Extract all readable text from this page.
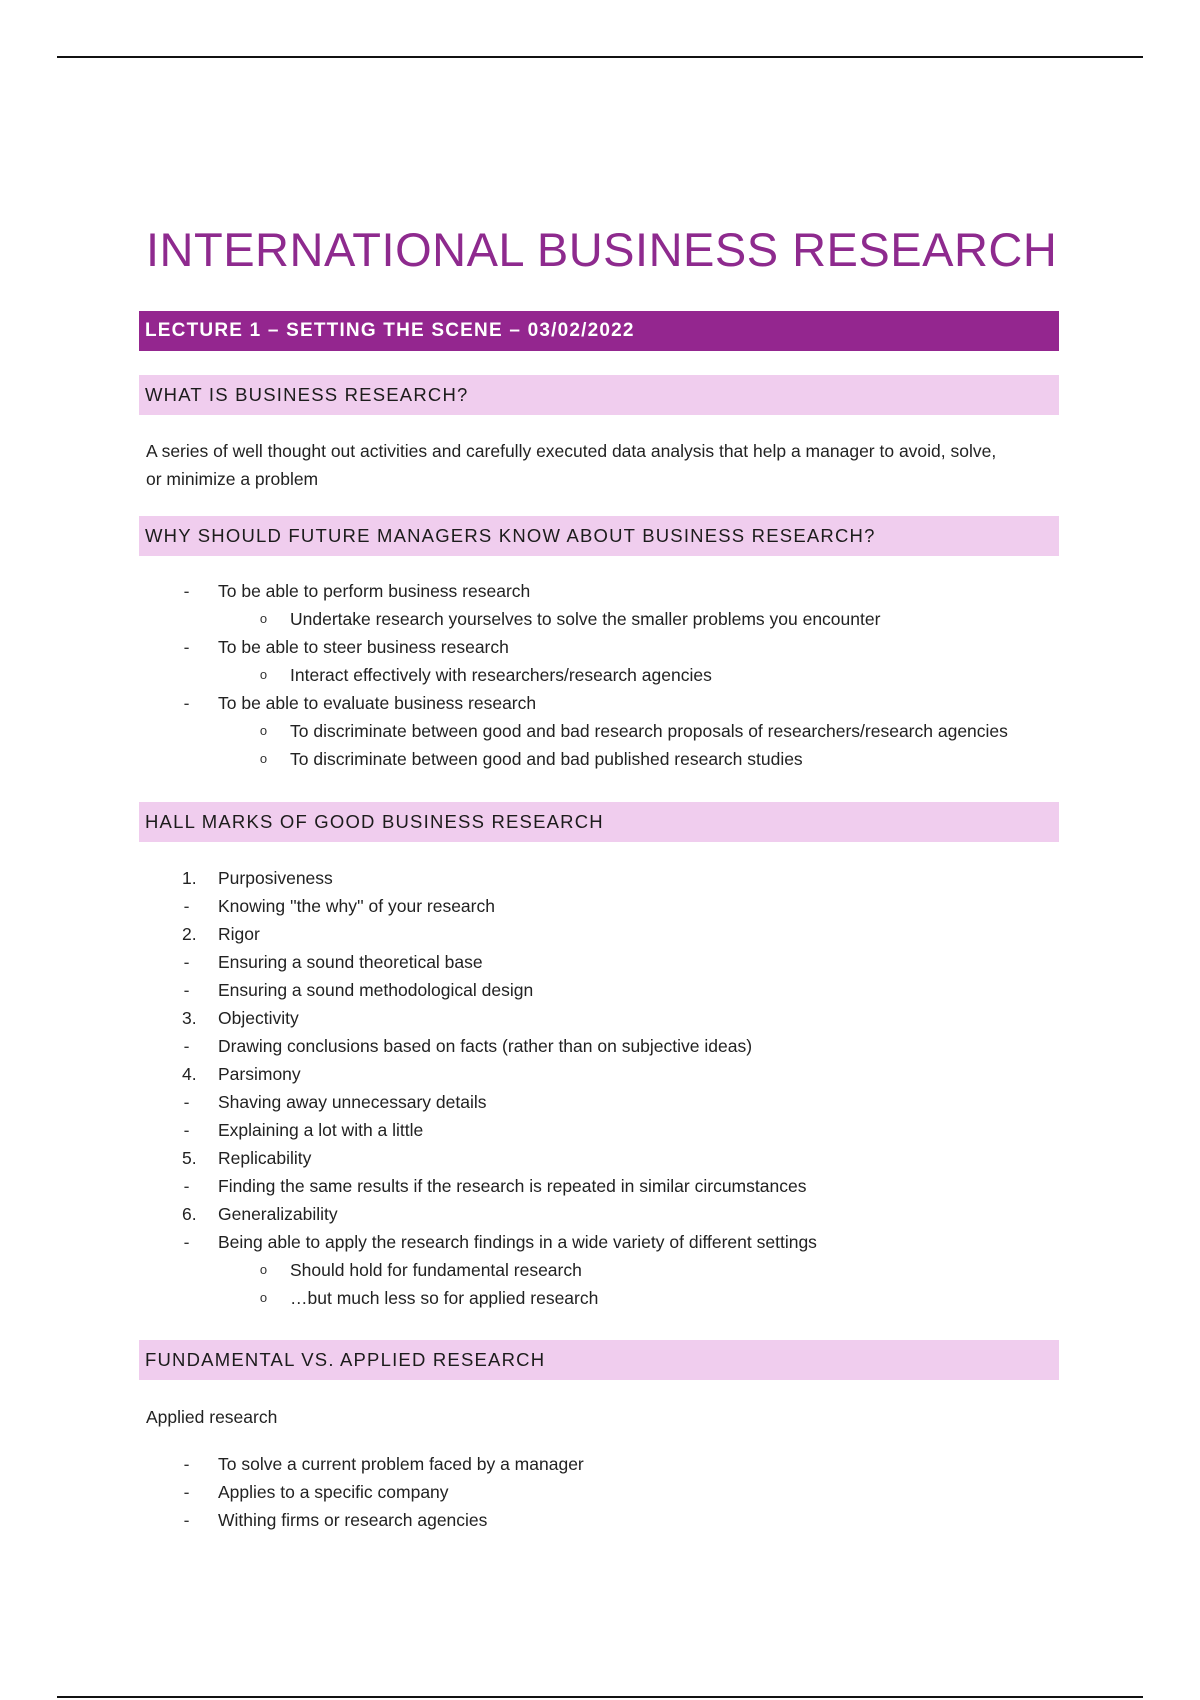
INTERNATIONAL BUSINESS RESEARCH
LECTURE 1 – SETTING THE SCENE – 03/02/2022
WHAT IS BUSINESS RESEARCH?
A series of well thought out activities and carefully executed data analysis that help a manager to avoid, solve,
or minimize a problem
WHY SHOULD FUTURE MANAGERS KNOW ABOUT BUSINESS RESEARCH?
-	To be able to perform business research
o	Undertake research yourselves to solve the smaller problems you encounter
-	To be able to steer business research
o	Interact effectively with researchers/research agencies
-	To be able to evaluate business research
o	To discriminate between good and bad research proposals of researchers/research agencies
o	To discriminate between good and bad published research studies
HALL MARKS OF GOOD BUSINESS RESEARCH
1. Purposiveness
-	Knowing ''the why'' of your research
2. Rigor
-	Ensuring a sound theoretical base
-	Ensuring a sound methodological design
3. Objectivity
-	Drawing conclusions based on facts (rather than on subjective ideas)
4. Parsimony
-	Shaving away unnecessary details
-	Explaining a lot with a little
5. Replicability
-	Finding the same results if the research is repeated in similar circumstances
6. Generalizability
-	Being able to apply the research findings in a wide variety of different settings
o	Should hold for fundamental research
o	…but much less so for applied research
FUNDAMENTAL VS. APPLIED RESEARCH
Applied research
-	To solve a current problem faced by a manager
-	Applies to a specific company
-	Withing firms or research agencies
